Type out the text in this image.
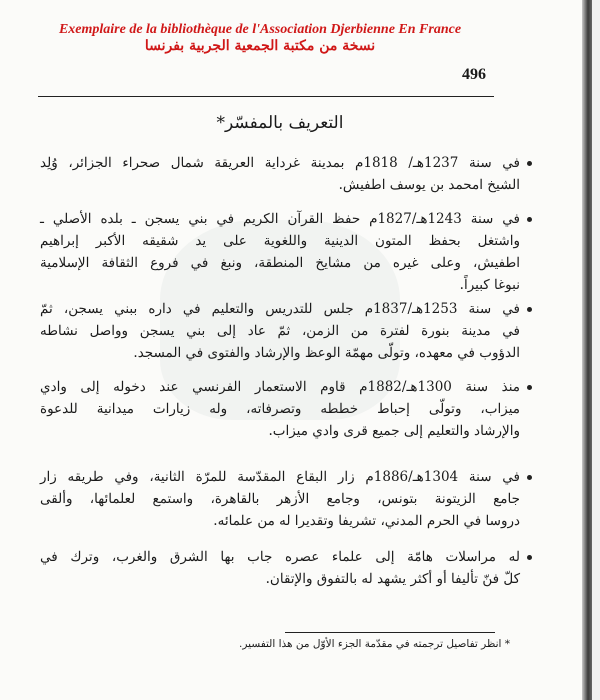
Exemplaire de la bibliothèque de l'Association Djerbienne En France
نسخة من مكتبة الجمعية الجربية بفرنسا
496
التعريف بالمفسّر*
في سنة 1237هـ/ 1818م بمدينة غرداية العريقة شمال صحراء الجزائر، وُلِد
الشيخ امحمد بن يوسف اطفيش.
في سنة 1243هـ/1827م حفظ القرآن الكريم في بني يسجن ـ بلده الأصلي ـ
واشتغل بحفظ المتون الدينية واللغوية على يد شقيقه الأكبر إبراهيم
اطفيش، وعلى غيره من مشايخ المنطقة، ونبغ في فروع الثقافة الإسلامية
نبوغا كبيراً.
في سنة 1253هـ/1837م جلس للتدريس والتعليم في داره ببني يسجن، ثمّ
في مدينة بنورة لفترة من الزمن، ثمّ عاد إلى بني يسجن وواصل نشاطه
الدؤوب في معهده، وتولّى مهمّة الوعظ والإرشاد والفتوى في المسجد.
منذ سنة 1300هـ/1882م قاوم الاستعمار الفرنسي عند دخوله إلى وادي
ميزاب، وتولّى إحباط خططه وتصرفاته، وله زيارات ميدانية للدعوة
والإرشاد والتعليم إلى جميع قرى وادي ميزاب.
في سنة 1304هـ/1886م زار البقاع المقدّسة للمرّة الثانية، وفي طريقه زار
جامع الزيتونة بتونس، وجامع الأزهر بالقاهرة، واستمع لعلمائها، وألقى
دروسا في الحرم المدني، تشريفا وتقديرا له من علمائه.
له مراسلات هامّة إلى علماء عصره جاب بها الشرق والغرب، وترك في
كلّ فنّ تأليفا أو أكثر يشهد له بالتفوق والإتقان.
* انظر تفاصيل ترجمته في مقدّمة الجزء الأوّل من هذا التفسير.
